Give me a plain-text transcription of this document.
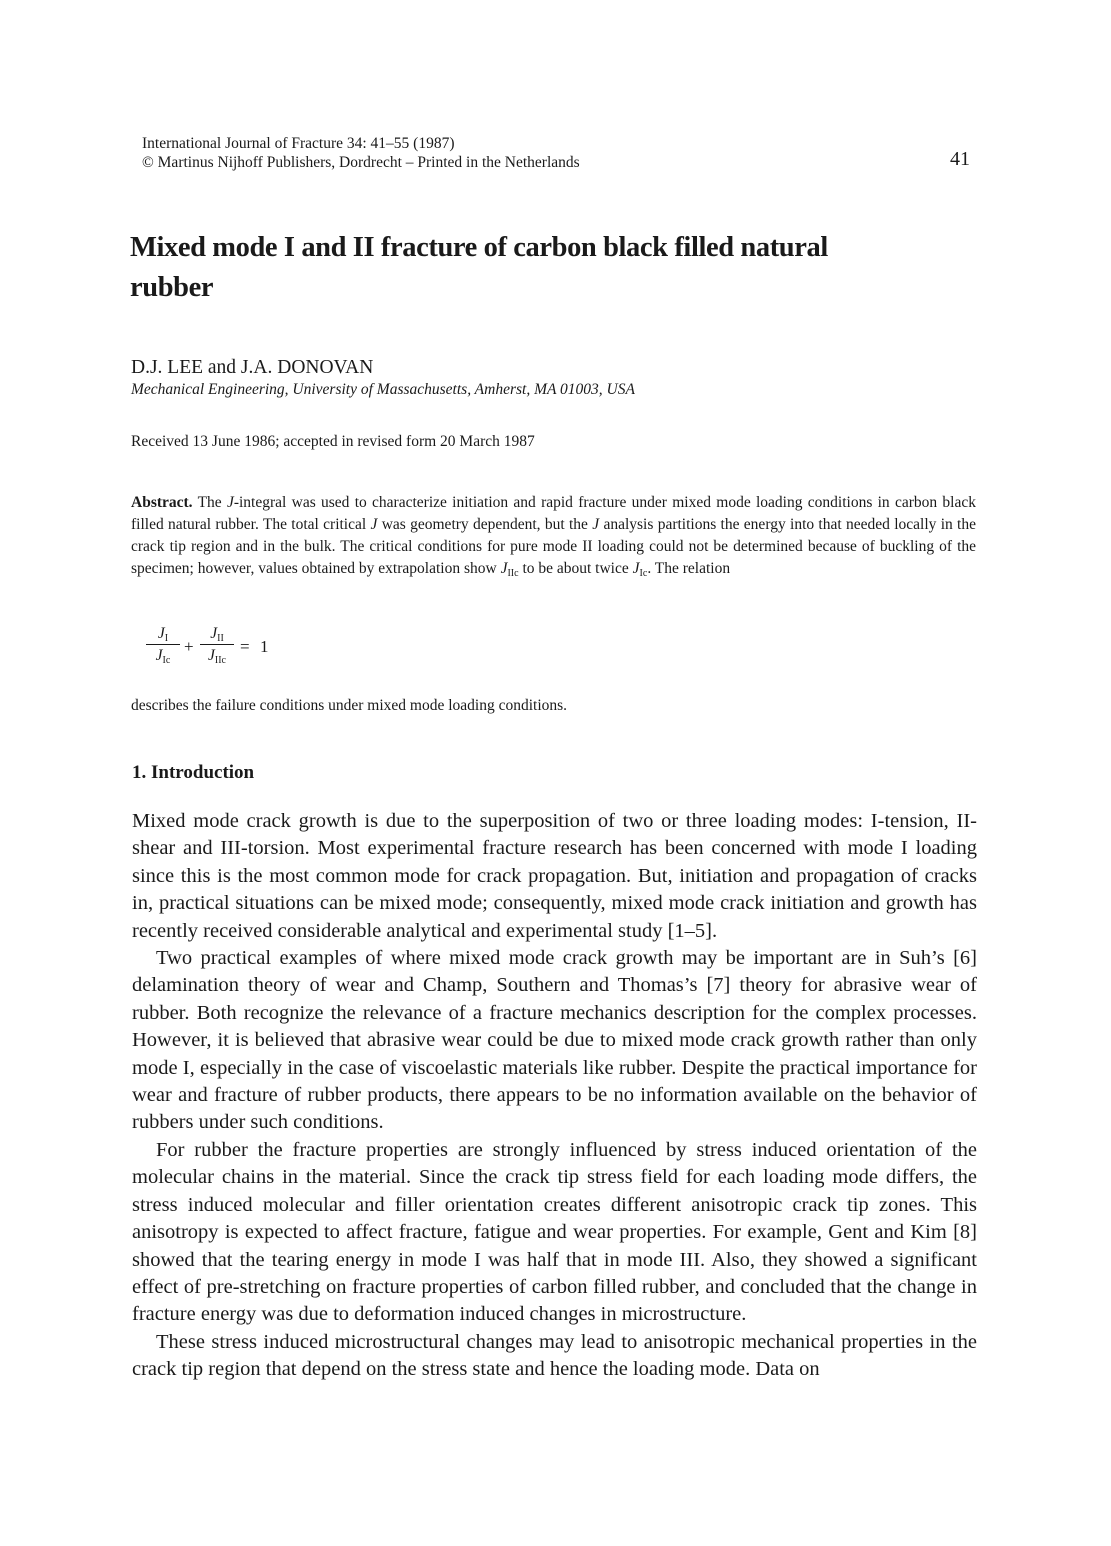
International Journal of Fracture 34: 41–55 (1987)
© Martinus Nijhoff Publishers, Dordrecht – Printed in the Netherlands	41
Mixed mode I and II fracture of carbon black filled natural rubber
D.J. LEE and J.A. DONOVAN
Mechanical Engineering, University of Massachusetts, Amherst, MA 01003, USA
Received 13 June 1986; accepted in revised form 20 March 1987
Abstract. The J-integral was used to characterize initiation and rapid fracture under mixed mode loading conditions in carbon black filled natural rubber. The total critical J was geometry dependent, but the J analysis partitions the energy into that needed locally in the crack tip region and in the bulk. The critical conditions for pure mode II loading could not be determined because of buckling of the specimen; however, values obtained by extrapolation show $J_{IIc}$ to be about twice $J_{Ic}$. The relation
$J_I$
$J_{Ic}$
+
$J_{II}$
$J_{IIc}$
= 1
describes the failure conditions under mixed mode loading conditions.
1. Introduction

Mixed mode crack growth is due to the superposition of two or three loading modes: I-tension, II-shear and III-torsion. Most experimental fracture research has been concerned with mode I loading since this is the most common mode for crack propagation. But, initiation and propagation of cracks in, practical situations can be mixed mode; consequently, mixed mode crack initiation and growth has recently received considerable analytical and experimental study [1–5].

Two practical examples of where mixed mode crack growth may be important are in Suh’s [6] delamination theory of wear and Champ, Southern and Thomas’s [7] theory for abrasive wear of rubber. Both recognize the relevance of a fracture mechanics description for the complex processes. However, it is believed that abrasive wear could be due to mixed mode crack growth rather than only mode I, especially in the case of viscoelastic materials like rubber. Despite the practical importance for wear and fracture of rubber products, there appears to be no information available on the behavior of rubbers under such conditions.

For rubber the fracture properties are strongly influenced by stress induced orientation of the molecular chains in the material. Since the crack tip stress field for each loading mode differs, the stress induced molecular and filler orientation creates different anisotropic crack tip zones. This anisotropy is expected to affect fracture, fatigue and wear properties. For example, Gent and Kim [8] showed that the tearing energy in mode I was half that in mode III. Also, they showed a significant effect of pre-stretching on fracture properties of carbon filled rubber, and concluded that the change in fracture energy was due to deformation induced changes in microstructure.

These stress induced microstructural changes may lead to anisotropic mechanical properties in the crack tip region that depend on the stress state and hence the loading mode. Data on
